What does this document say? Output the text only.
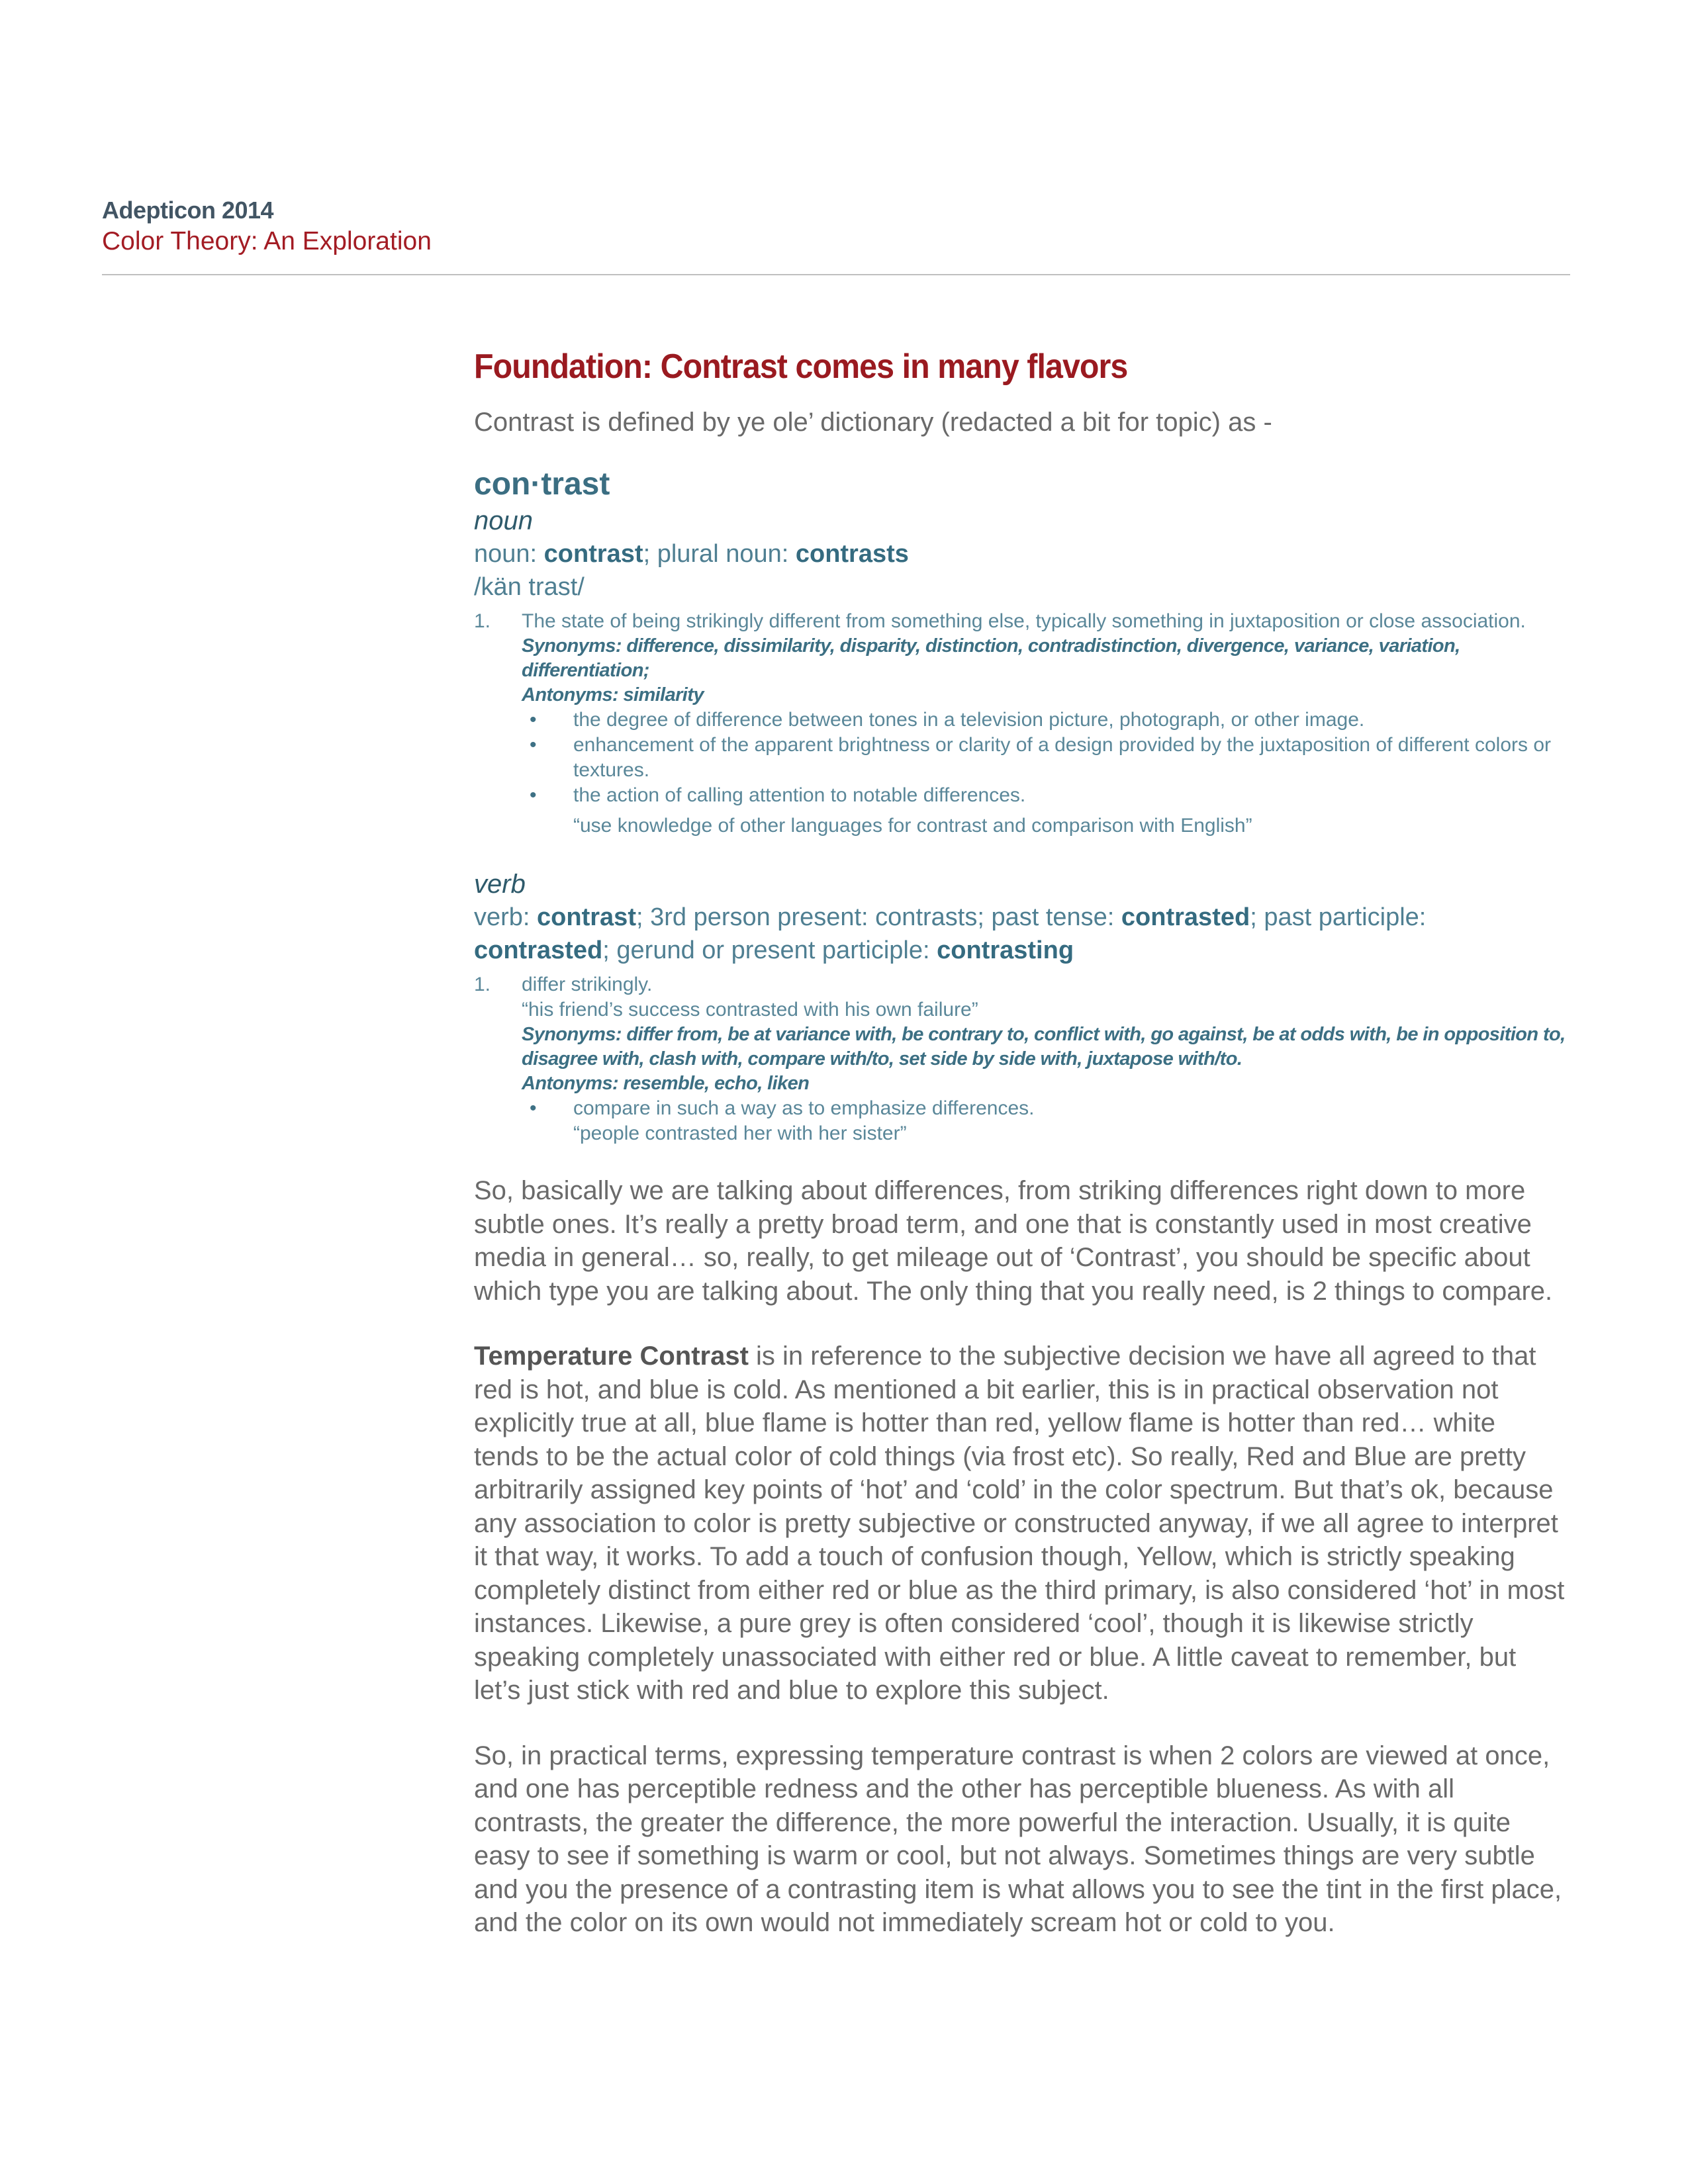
Adepticon 2014
Color Theory: An Exploration
Foundation: Contrast comes in many flavors

Contrast is defined by ye ole’ dictionary (redacted a bit for topic) as -

con·trast
noun
noun: contrast; plural noun: contrasts
/kän trast/
1. The state of being strikingly different from something else, typically something in juxtaposition or close association.
Synonyms: difference, dissimilarity, disparity, distinction, contradistinction, divergence, variance, variation, differentiation;
Antonyms: similarity
• the degree of difference between tones in a television picture, photograph, or other image.
• enhancement of the apparent brightness or clarity of a design provided by the juxtaposition of different colors or textures.
• the action of calling attention to notable differences.
“use knowledge of other languages for contrast and comparison with English”
verb
verb: contrast; 3rd person present: contrasts; past tense: contrasted; past participle: contrasted; gerund or present participle: contrasting
1. differ strikingly.
“his friend’s success contrasted with his own failure”
Synonyms: differ from, be at variance with, be contrary to, conflict with, go against, be at odds with, be in opposition to, disagree with, clash with, compare with/to, set side by side with, juxtapose with/to.
Antonyms: resemble, echo, liken
• compare in such a way as to emphasize differences.
“people contrasted her with her sister”

So, basically we are talking about differences, from striking differences right down to more subtle ones. It’s really a pretty broad term, and one that is constantly used in most creative media in general… so, really, to get mileage out of ‘Contrast’, you should be specific about which type you are talking about. The only thing that you really need, is 2 things to compare.

Temperature Contrast is in reference to the subjective decision we have all agreed to that red is hot, and blue is cold. As mentioned a bit earlier, this is in practical observation not explicitly true at all, blue flame is hotter than red, yellow flame is hotter than red… white tends to be the actual color of cold things (via frost etc). So really, Red and Blue are pretty arbitrarily assigned key points of ‘hot’ and ‘cold’ in the color spectrum. But that’s ok, because any association to color is pretty subjective or constructed anyway, if we all agree to interpret it that way, it works. To add a touch of confusion though, Yellow, which is strictly speaking completely distinct from either red or blue as the third primary, is also considered ‘hot’ in most instances. Likewise, a pure grey is often considered ‘cool’, though it is likewise strictly speaking completely unassociated with either red or blue. A little caveat to remember, but let’s just stick with red and blue to explore this subject.

So, in practical terms, expressing temperature contrast is when 2 colors are viewed at once, and one has perceptible redness and the other has perceptible blueness. As with all contrasts, the greater the difference, the more powerful the interaction. Usually, it is quite easy to see if something is warm or cool, but not always. Sometimes things are very subtle and you the presence of a contrasting item is what allows you to see the tint in the first place, and the color on its own would not immediately scream hot or cold to you.
